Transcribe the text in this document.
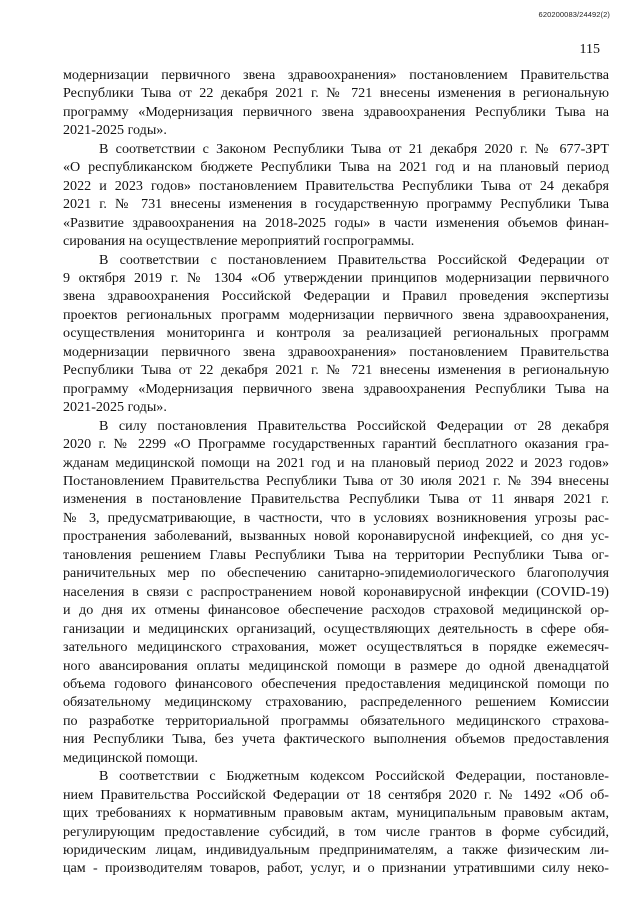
620200083/24492(2)
115

модернизации первичного звена здравоохранения» постановлением Правительства
Республики Тыва от 22 декабря 2021 г. № 721 внесены изменения в региональную
программу «Модернизация первичного звена здравоохранения Республики Тыва на
2021-2025 годы».

В соответствии с Законом Республики Тыва от 21 декабря 2020 г. № 677-ЗРТ
«О республиканском бюджете Республики Тыва на 2021 год и на плановый период
2022 и 2023 годов» постановлением Правительства Республики Тыва от 24 декабря
2021 г. № 731 внесены изменения в государственную программу Республики Тыва
«Развитие здравоохранения на 2018-2025 годы» в части изменения объемов финан-
сирования на осуществление мероприятий госпрограммы.

В соответствии с постановлением Правительства Российской Федерации от
9 октября 2019 г. № 1304 «Об утверждении принципов модернизации первичного
звена здравоохранения Российской Федерации и Правил проведения экспертизы
проектов региональных программ модернизации первичного звена здравоохранения,
осуществления мониторинга и контроля за реализацией региональных программ
модернизации первичного звена здравоохранения» постановлением Правительства
Республики Тыва от 22 декабря 2021 г. № 721 внесены изменения в региональную
программу «Модернизация первичного звена здравоохранения Республики Тыва на
2021-2025 годы».

В силу постановления Правительства Российской Федерации от 28 декабря
2020 г. № 2299 «О Программе государственных гарантий бесплатного оказания гра-
жданам медицинской помощи на 2021 год и на плановый период 2022 и 2023 годов»
Постановлением Правительства Республики Тыва от 30 июля 2021 г. № 394 внесены
изменения в постановление Правительства Республики Тыва от 11 января 2021 г.
№ 3, предусматривающие, в частности, что в условиях возникновения угрозы рас-
пространения заболеваний, вызванных новой коронавирусной инфекцией, со дня ус-
тановления решением Главы Республики Тыва на территории Республики Тыва ог-
раничительных мер по обеспечению санитарно-эпидемиологического благополучия
населения в связи с распространением новой коронавирусной инфекции (COVID-19)
и до дня их отмены финансовое обеспечение расходов страховой медицинской ор-
ганизации и медицинских организаций, осуществляющих деятельность в сфере обя-
зательного медицинского страхования, может осуществляться в порядке ежемесяч-
ного авансирования оплаты медицинской помощи в размере до одной двенадцатой
объема годового финансового обеспечения предоставления медицинской помощи по
обязательному медицинскому страхованию, распределенного решением Комиссии
по разработке территориальной программы обязательного медицинского страхова-
ния Республики Тыва, без учета фактического выполнения объемов предоставления
медицинской помощи.

В соответствии с Бюджетным кодексом Российской Федерации, постановле-
нием Правительства Российской Федерации от 18 сентября 2020 г. № 1492 «Об об-
щих требованиях к нормативным правовым актам, муниципальным правовым актам,
регулирующим предоставление субсидий, в том числе грантов в форме субсидий,
юридическим лицам, индивидуальным предпринимателям, а также физическим ли-
цам - производителям товаров, работ, услуг, и о признании утратившими силу неко-
